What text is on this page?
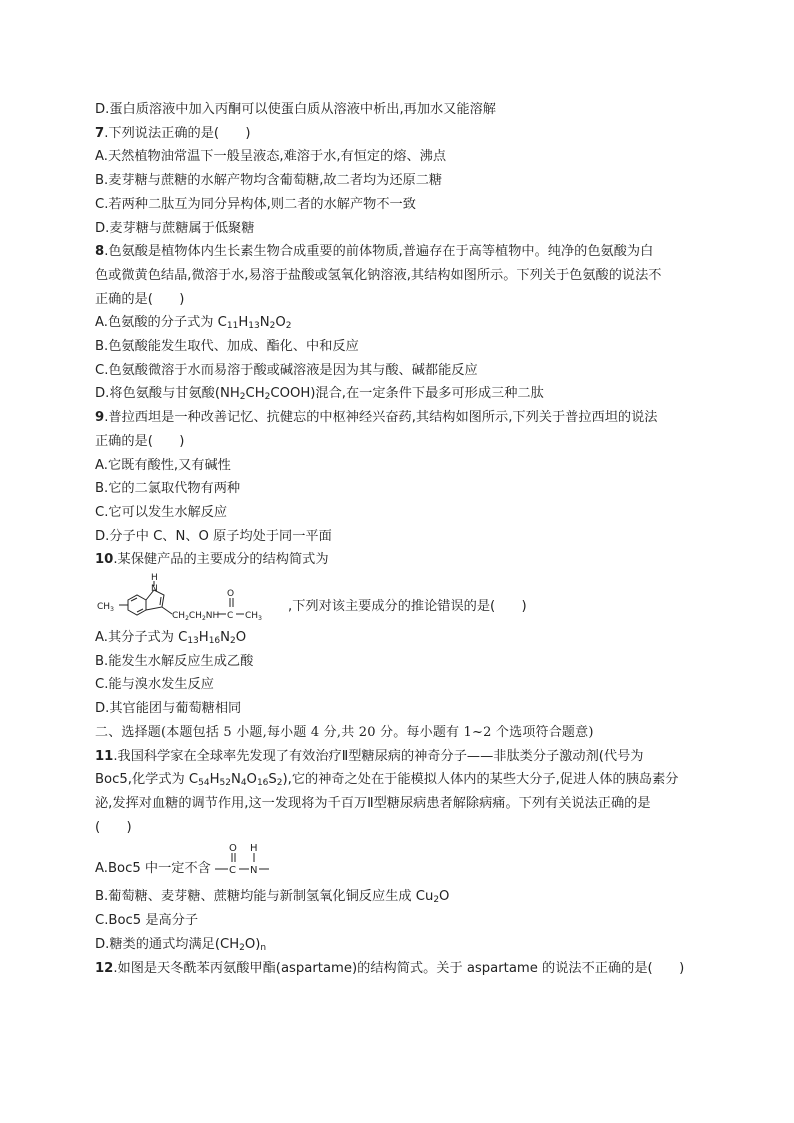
D.蛋白质溶液中加入丙酮可以使蛋白质从溶液中析出,再加水又能溶解
7.下列说法正确的是(　　)
A.天然植物油常温下一般呈液态,难溶于水,有恒定的熔、沸点
B.麦芽糖与蔗糖的水解产物均含葡萄糖,故二者均为还原二糖
C.若两种二肽互为同分异构体,则二者的水解产物不一致
D.麦芽糖与蔗糖属于低聚糖
8.色氨酸是植物体内生长素生物合成重要的前体物质,普遍存在于高等植物中。纯净的色氨酸为白
色或微黄色结晶,微溶于水,易溶于盐酸或氢氧化钠溶液,其结构如图所示。下列关于色氨酸的说法不
正确的是(　　)
A.色氨酸的分子式为 $C_{11}H_{13}N_2O_2$
B.色氨酸能发生取代、加成、酯化、中和反应
C.色氨酸微溶于水而易溶于酸或碱溶液是因为其与酸、碱都能反应
D.将色氨酸与甘氨酸$(NH_2CH_2COOH)$混合,在一定条件下最多可形成三种二肽
9.普拉西坦是一种改善记忆、抗健忘的中枢神经兴奋药,其结构如图所示,下列关于普拉西坦的说法
正确的是(　　)
A.它既有酸性,又有碱性
B.它的二氯取代物有两种
C.它可以发生水解反应
D.分子中 C、N、O 原子均处于同一平面
10.某保健产品的主要成分的结构简式为
$CH_3$
N
H
$CH_2CH_2NH$
O
C $CH_3$
,下列对该主要成分的推论错误的是(　　)
A.其分子式为 $C_{13}H_{16}N_2O$
B.能发生水解反应生成乙酸
C.能与溴水发生反应
D.其官能团与葡萄糖相同
二、选择题(本题包括 5 小题,每小题 4 分,共 20 分。每小题有 1~2 个选项符合题意)
11.我国科学家在全球率先发现了有效治疗Ⅱ型糖尿病的神奇分子——非肽类分子激动剂(代号为
Boc5,化学式为 $C_{54}H_{52}N_4O_{16}S_2$),它的神奇之处在于能模拟人体内的某些大分子,促进人体的胰岛素分
泌,发挥对血糖的调节作用,这一发现将为千百万Ⅱ型糖尿病患者解除病痛。下列有关说法正确的是
(　　)
A.Boc5 中一定不含
O H
C N
B.葡萄糖、麦芽糖、蔗糖均能与新制氢氧化铜反应生成 $Cu_2O$
C.Boc5 是高分子
D.糖类的通式均满足$(CH_2O)_n$
12.如图是天冬酰苯丙氨酸甲酯(aspartame)的结构简式。关于 aspartame 的说法不正确的是(　　)
